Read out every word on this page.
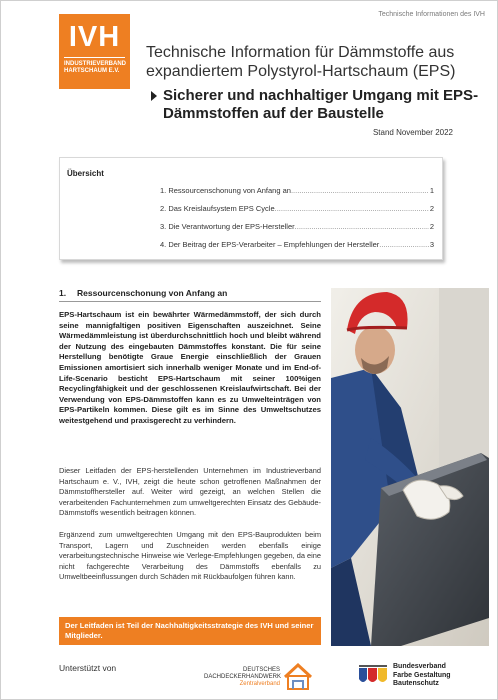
IVH
INDUSTRIEVERBAND
HARTSCHAUM E.V.
Technische Informationen des IVH
Technische Information für Dämmstoffe aus expandiertem Polystyrol-Hartschaum (EPS)
Sicherer und nachhaltiger Umgang mit EPS-Dämmstoffen auf der Baustelle
Stand November 2022
Übersicht
1. Ressourcenschonung von Anfang an .....	1
2. Das Kreislaufsystem EPS Cycle .....	2
3. Die Verantwortung der EPS-Hersteller .....	2
4. Der Beitrag der EPS-Verarbeiter – Empfehlungen der Hersteller .....	3
1. Ressourcenschonung von Anfang an
EPS-Hartschaum ist ein bewährter Wärmedämmstoff, der sich durch seine mannigfaltigen positiven Eigenschaften auszeichnet. Seine Wärmedämmleistung ist überdurchschnittlich hoch und bleibt während der Nutzung des eingebauten Dämmstoffes konstant. Die für seine Herstellung benötigte Graue Energie einschließlich der Grauen Emissionen amortisiert sich innerhalb weniger Monate und im End-of-Life-Scenario besticht EPS-Hartschaum mit seiner 100%igen Recyclingfähigkeit und der geschlossenen Kreislaufwirtschaft. Bei der Verwendung von EPS-Dämmstoffen kann es zu Umwelteinträgen von EPS-Partikeln kommen. Diese gilt es im Sinne des Umweltschutzes weitestgehend und praxisgerecht zu verhindern.
Dieser Leitfaden der EPS-herstellenden Unternehmen im Industrieverband Hartschaum e. V., IVH, zeigt die heute schon getroffenen Maßnahmen der Dämmstoffhersteller auf. Weiter wird gezeigt, an welchen Stellen die verarbeitenden Fachunternehmen zum umweltgerechten Einsatz des Gebäude-Dämmstoffs wesentlich beitragen können.
Ergänzend zum umweltgerechten Umgang mit den EPS-Bauprodukten beim Transport, Lagern und Zuschneiden werden ebenfalls einige verarbeitungstechnische Hinweise wie Verlege-Empfehlungen gegeben, da eine nicht fachgerechte Verarbeitung des Dämmstoffs ebenfalls zu Umweltbeeinflussungen durch Schäden mit Rückbaufolgen führen kann.
Der Leitfaden ist Teil der Nachhaltigkeitsstrategie des IVH und seiner Mitglieder.
Unterstützt von	DEUTSCHES
DACHDECKERHANDWERK
Zentralverband
Bundesverband
Farbe Gestaltung
Bautenschutz
